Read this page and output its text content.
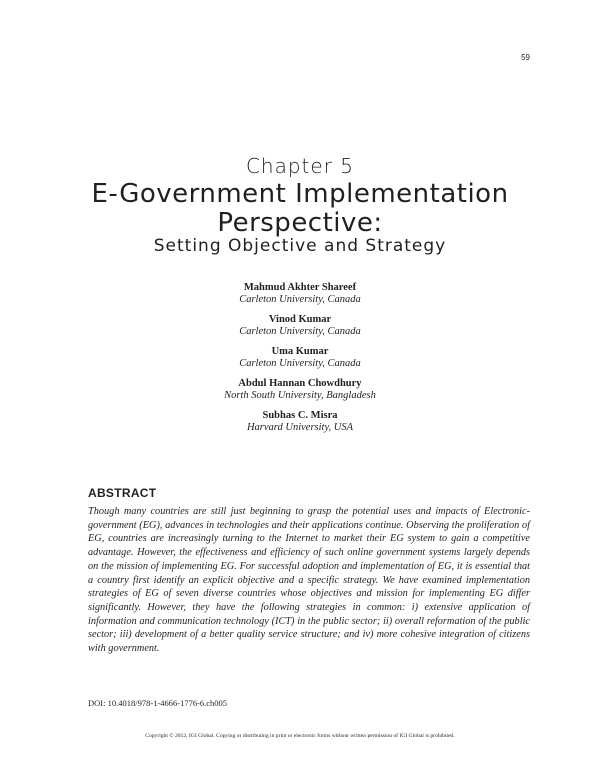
59
Chapter 5
E-Government Implementation
Perspective:
Setting Objective and Strategy
Mahmud Akhter Shareef
Carleton University, Canada
Vinod Kumar
Carleton University, Canada
Uma Kumar
Carleton University, Canada
Abdul Hannan Chowdhury
North South University, Bangladesh
Subhas C. Misra
Harvard University, USA
ABSTRACT
Though many countries are still just beginning to grasp the potential uses and impacts of Electronic-government (EG), advances in technologies and their applications continue. Observing the proliferation of EG, countries are increasingly turning to the Internet to market their EG system to gain a competitive advantage. However, the effectiveness and efficiency of such online government systems largely depends on the mission of implementing EG. For successful adoption and implementation of EG, it is essential that a country first identify an explicit objective and a specific strategy. We have examined implementation strategies of EG of seven diverse countries whose objectives and mission for implementing EG differ significantly. However, they have the following strategies in common: i) extensive application of information and communication technology (ICT) in the public sector; ii) overall reformation of the public sector; iii) development of a better quality service structure; and iv) more cohesive integration of citizens with government.
DOI: 10.4018/978-1-4666-1776-6.ch005
Copyright © 2012, IGI Global. Copying or distributing in print or electronic forms without written permission of IGI Global is prohibited.
